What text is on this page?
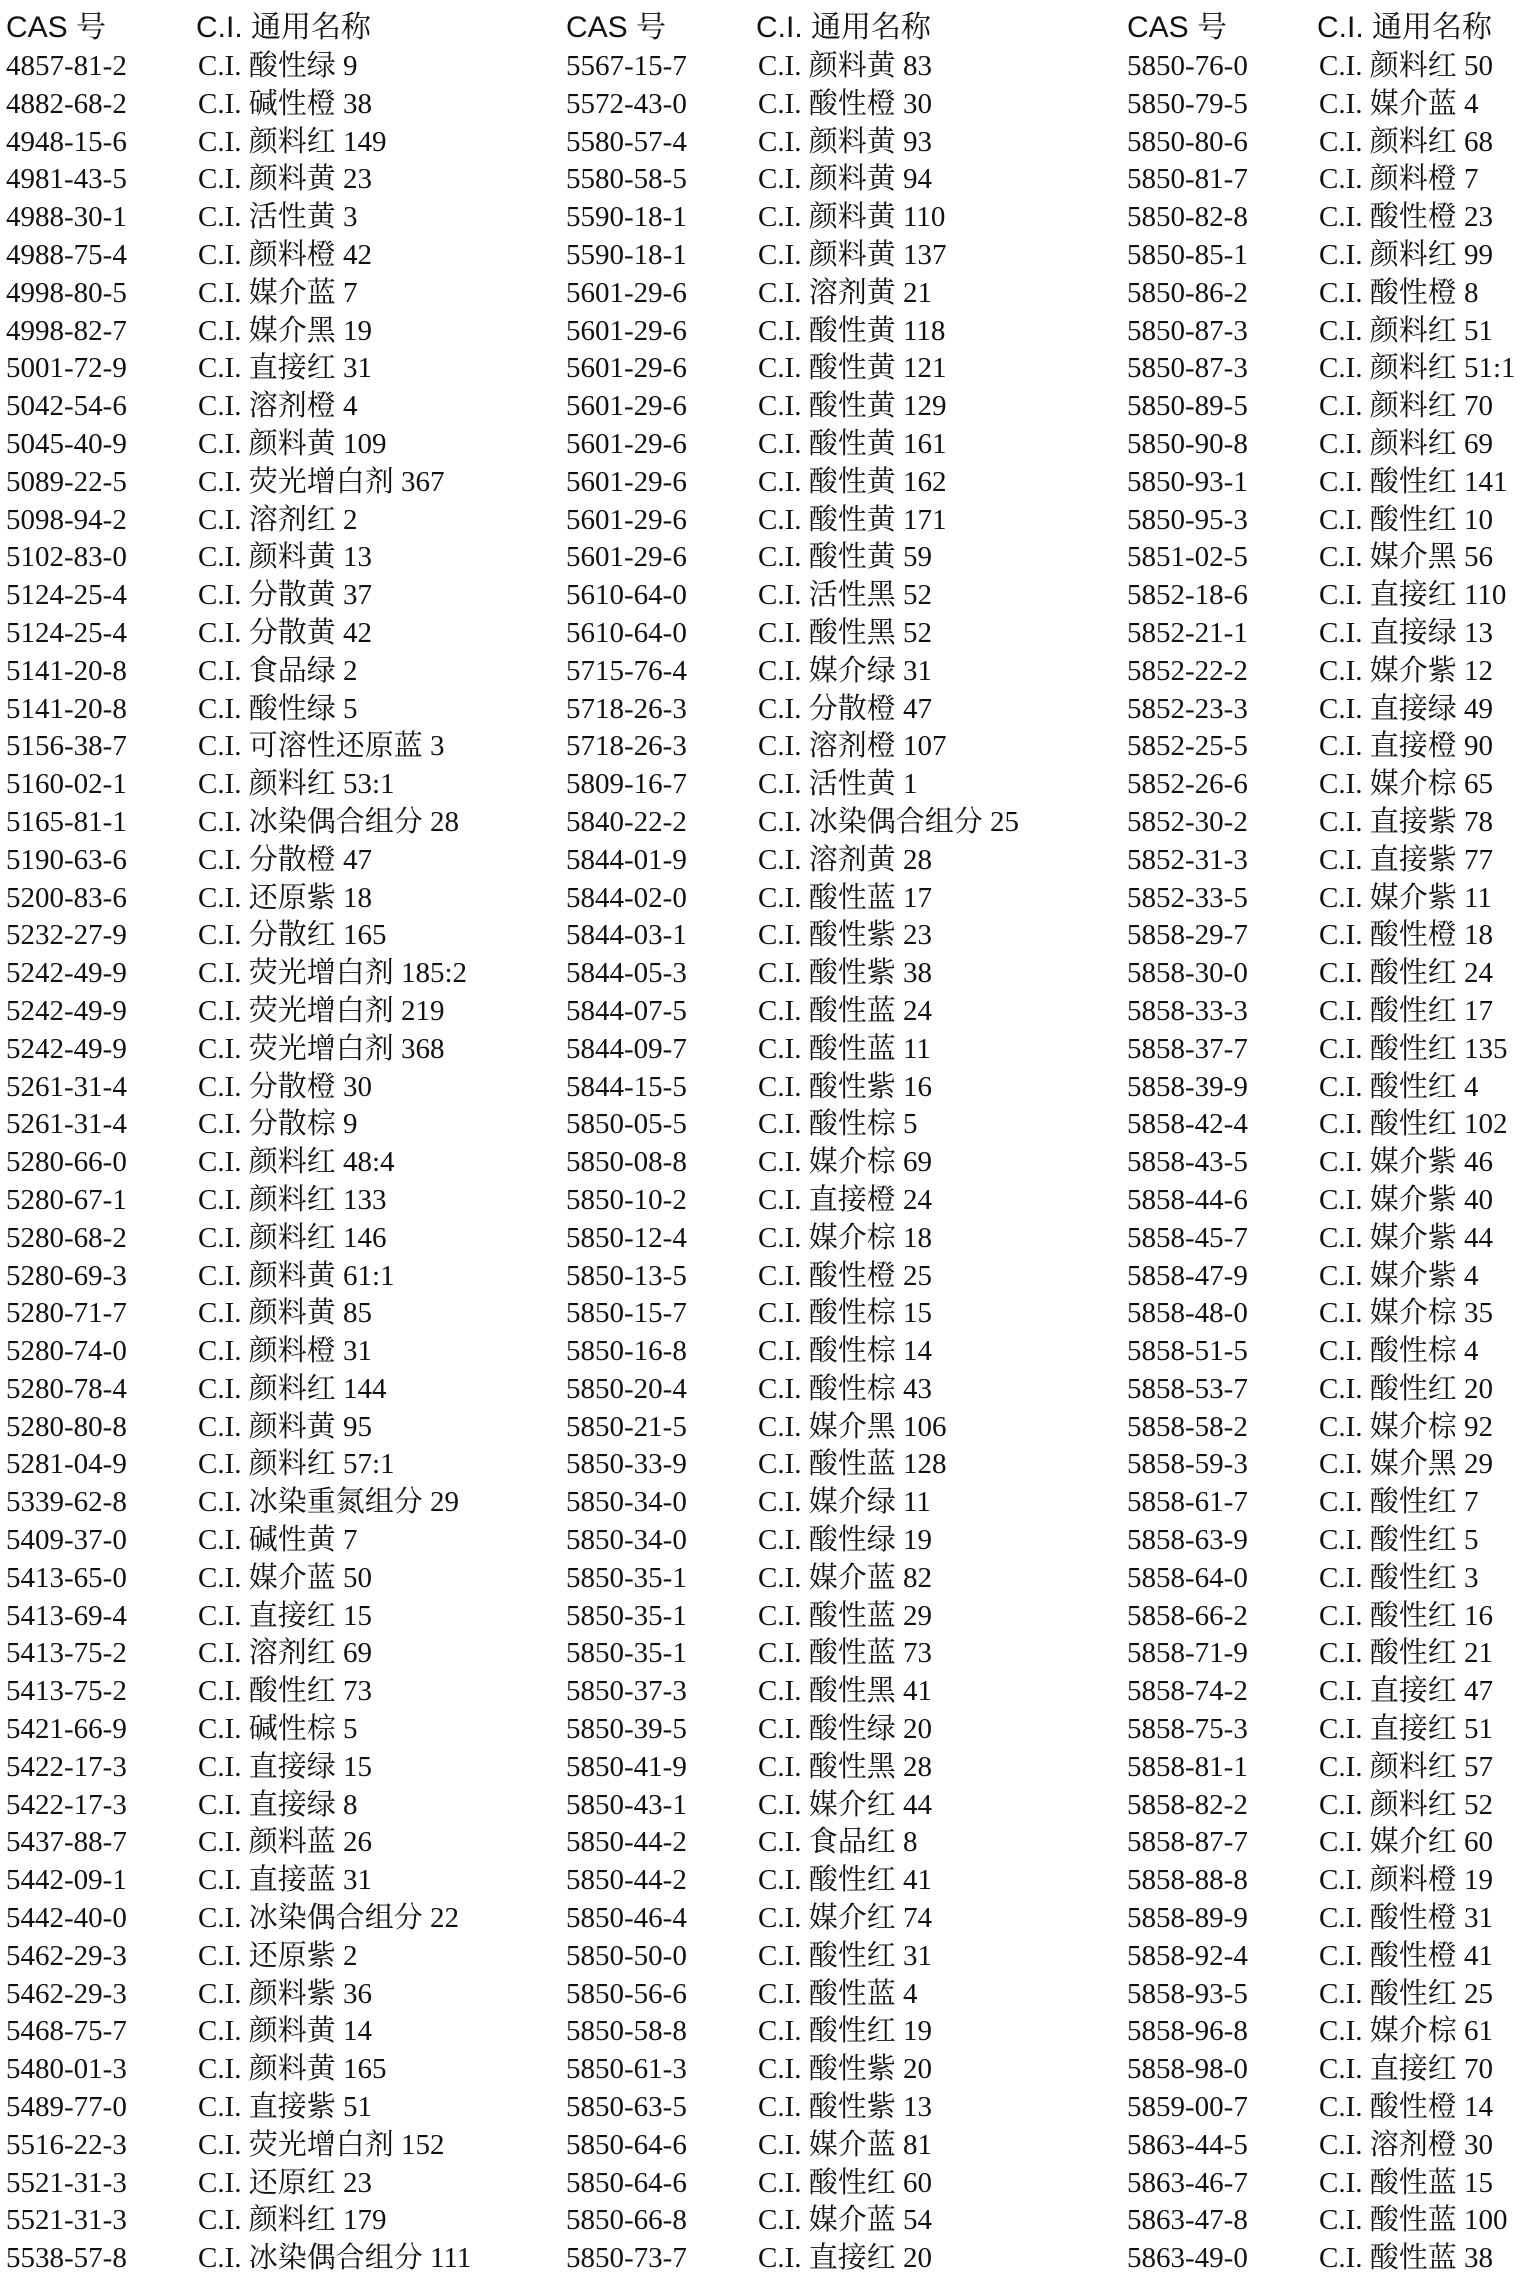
CAS 号	C.I. 通用名称
4857-81-2 C.I. 酸性绿 9
4882-68-2 C.I. 碱性橙 38
4948-15-6 C.I. 颜料红 149
4981-43-5 C.I. 颜料黄 23
4988-30-1 C.I. 活性黄 3
4988-75-4 C.I. 颜料橙 42
4998-80-5 C.I. 媒介蓝 7
4998-82-7 C.I. 媒介黑 19
5001-72-9 C.I. 直接红 31
5042-54-6 C.I. 溶剂橙 4
5045-40-9 C.I. 颜料黄 109
5089-22-5 C.I. 荧光增白剂 367
5098-94-2 C.I. 溶剂红 2
5102-83-0 C.I. 颜料黄 13
5124-25-4 C.I. 分散黄 37
5124-25-4 C.I. 分散黄 42
5141-20-8 C.I. 食品绿 2
5141-20-8 C.I. 酸性绿 5
5156-38-7 C.I. 可溶性还原蓝 3
5160-02-1 C.I. 颜料红 53:1
5165-81-1 C.I. 冰染偶合组分 28
5190-63-6 C.I. 分散橙 47
5200-83-6 C.I. 还原紫 18
5232-27-9 C.I. 分散红 165
5242-49-9 C.I. 荧光增白剂 185:2
5242-49-9 C.I. 荧光增白剂 219
5242-49-9 C.I. 荧光增白剂 368
5261-31-4 C.I. 分散橙 30
5261-31-4 C.I. 分散棕 9
5280-66-0 C.I. 颜料红 48:4
5280-67-1 C.I. 颜料红 133
5280-68-2 C.I. 颜料红 146
5280-69-3 C.I. 颜料黄 61:1
5280-71-7 C.I. 颜料黄 85
5280-74-0 C.I. 颜料橙 31
5280-78-4 C.I. 颜料红 144
5280-80-8 C.I. 颜料黄 95
5281-04-9 C.I. 颜料红 57:1
5339-62-8 C.I. 冰染重氮组分 29
5409-37-0 C.I. 碱性黄 7
5413-65-0 C.I. 媒介蓝 50
5413-69-4 C.I. 直接红 15
5413-75-2 C.I. 溶剂红 69
5413-75-2 C.I. 酸性红 73
5421-66-9 C.I. 碱性棕 5
5422-17-3 C.I. 直接绿 15
5422-17-3 C.I. 直接绿 8
5437-88-7 C.I. 颜料蓝 26
5442-09-1 C.I. 直接蓝 31
5442-40-0 C.I. 冰染偶合组分 22
5462-29-3 C.I. 还原紫 2
5462-29-3 C.I. 颜料紫 36
5468-75-7 C.I. 颜料黄 14
5480-01-3 C.I. 颜料黄 165
5489-77-0 C.I. 直接紫 51
5516-22-3 C.I. 荧光增白剂 152
5521-31-3 C.I. 还原红 23
5521-31-3 C.I. 颜料红 179
5538-57-8 C.I. 冰染偶合组分 111
CAS 号	C.I. 通用名称
5567-15-7 C.I. 颜料黄 83
5572-43-0 C.I. 酸性橙 30
5580-57-4 C.I. 颜料黄 93
5580-58-5 C.I. 颜料黄 94
5590-18-1 C.I. 颜料黄 110
5590-18-1 C.I. 颜料黄 137
5601-29-6 C.I. 溶剂黄 21
5601-29-6 C.I. 酸性黄 118
5601-29-6 C.I. 酸性黄 121
5601-29-6 C.I. 酸性黄 129
5601-29-6 C.I. 酸性黄 161
5601-29-6 C.I. 酸性黄 162
5601-29-6 C.I. 酸性黄 171
5601-29-6 C.I. 酸性黄 59
5610-64-0 C.I. 活性黑 52
5610-64-0 C.I. 酸性黑 52
5715-76-4 C.I. 媒介绿 31
5718-26-3 C.I. 分散橙 47
5718-26-3 C.I. 溶剂橙 107
5809-16-7 C.I. 活性黄 1
5840-22-2 C.I. 冰染偶合组分 25
5844-01-9 C.I. 溶剂黄 28
5844-02-0 C.I. 酸性蓝 17
5844-03-1 C.I. 酸性紫 23
5844-05-3 C.I. 酸性紫 38
5844-07-5 C.I. 酸性蓝 24
5844-09-7 C.I. 酸性蓝 11
5844-15-5 C.I. 酸性紫 16
5850-05-5 C.I. 酸性棕 5
5850-08-8 C.I. 媒介棕 69
5850-10-2 C.I. 直接橙 24
5850-12-4 C.I. 媒介棕 18
5850-13-5 C.I. 酸性橙 25
5850-15-7 C.I. 酸性棕 15
5850-16-8 C.I. 酸性棕 14
5850-20-4 C.I. 酸性棕 43
5850-21-5 C.I. 媒介黑 106
5850-33-9 C.I. 酸性蓝 128
5850-34-0 C.I. 媒介绿 11
5850-34-0 C.I. 酸性绿 19
5850-35-1 C.I. 媒介蓝 82
5850-35-1 C.I. 酸性蓝 29
5850-35-1 C.I. 酸性蓝 73
5850-37-3 C.I. 酸性黑 41
5850-39-5 C.I. 酸性绿 20
5850-41-9 C.I. 酸性黑 28
5850-43-1 C.I. 媒介红 44
5850-44-2 C.I. 食品红 8
5850-44-2 C.I. 酸性红 41
5850-46-4 C.I. 媒介红 74
5850-50-0 C.I. 酸性红 31
5850-56-6 C.I. 酸性蓝 4
5850-58-8 C.I. 酸性红 19
5850-61-3 C.I. 酸性紫 20
5850-63-5 C.I. 酸性紫 13
5850-64-6 C.I. 媒介蓝 81
5850-64-6 C.I. 酸性红 60
5850-66-8 C.I. 媒介蓝 54
5850-73-7 C.I. 直接红 20
CAS 号	C.I. 通用名称
5850-76-0 C.I. 颜料红 50
5850-79-5 C.I. 媒介蓝 4
5850-80-6 C.I. 颜料红 68
5850-81-7 C.I. 颜料橙 7
5850-82-8 C.I. 酸性橙 23
5850-85-1 C.I. 颜料红 99
5850-86-2 C.I. 酸性橙 8
5850-87-3 C.I. 颜料红 51
5850-87-3 C.I. 颜料红 51:1
5850-89-5 C.I. 颜料红 70
5850-90-8 C.I. 颜料红 69
5850-93-1 C.I. 酸性红 141
5850-95-3 C.I. 酸性红 10
5851-02-5 C.I. 媒介黑 56
5852-18-6 C.I. 直接红 110
5852-21-1 C.I. 直接绿 13
5852-22-2 C.I. 媒介紫 12
5852-23-3 C.I. 直接绿 49
5852-25-5 C.I. 直接橙 90
5852-26-6 C.I. 媒介棕 65
5852-30-2 C.I. 直接紫 78
5852-31-3 C.I. 直接紫 77
5852-33-5 C.I. 媒介紫 11
5858-29-7 C.I. 酸性橙 18
5858-30-0 C.I. 酸性红 24
5858-33-3 C.I. 酸性红 17
5858-37-7 C.I. 酸性红 135
5858-39-9 C.I. 酸性红 4
5858-42-4 C.I. 酸性红 102
5858-43-5 C.I. 媒介紫 46
5858-44-6 C.I. 媒介紫 40
5858-45-7 C.I. 媒介紫 44
5858-47-9 C.I. 媒介紫 4
5858-48-0 C.I. 媒介棕 35
5858-51-5 C.I. 酸性棕 4
5858-53-7 C.I. 酸性红 20
5858-58-2 C.I. 媒介棕 92
5858-59-3 C.I. 媒介黑 29
5858-61-7 C.I. 酸性红 7
5858-63-9 C.I. 酸性红 5
5858-64-0 C.I. 酸性红 3
5858-66-2 C.I. 酸性红 16
5858-71-9 C.I. 酸性红 21
5858-74-2 C.I. 直接红 47
5858-75-3 C.I. 直接红 51
5858-81-1 C.I. 颜料红 57
5858-82-2 C.I. 颜料红 52
5858-87-7 C.I. 媒介红 60
5858-88-8 C.I. 颜料橙 19
5858-89-9 C.I. 酸性橙 31
5858-92-4 C.I. 酸性橙 41
5858-93-5 C.I. 酸性红 25
5858-96-8 C.I. 媒介棕 61
5858-98-0 C.I. 直接红 70
5859-00-7 C.I. 酸性橙 14
5863-44-5 C.I. 溶剂橙 30
5863-46-7 C.I. 酸性蓝 15
5863-47-8 C.I. 酸性蓝 100
5863-49-0 C.I. 酸性蓝 38
